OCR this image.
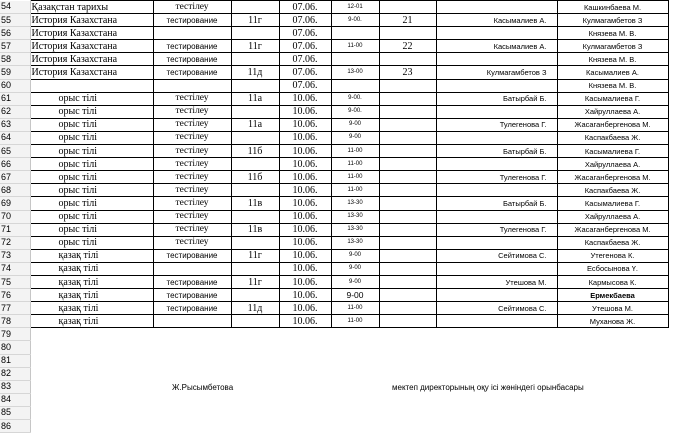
54	Қазақстан тарихы	тестілеу		07.06.	12-01			Кашкинбаева М.
55	История Казахстана	тестирование	11г	07.06.	9-00.	21	Касымалиев А.	Кулмагамбетов З
56	История Казахстана			07.06.				Князева М. В.
57	История Казахстана	тестирование	11г	07.06.	11-00	22	Касымалиев А.	Кулмагамбетов З
58	История Казахстана	тестирование		07.06.				Князева М. В.
59	История Казахстана	тестирование	11д	07.06.	13-00	23	Кулмагамбетов З	Касымалиев А.
60				07.06.				Князева М. В.
61	орыс тілі	тестілеу	11а	10.06.	9-00.		Батырбай Б.	Касымалиева Г.
62	орыс тілі	тестілеу		10.06.	9-00.			Хайруллаева А.
63	орыс тілі	тестілеу	11а	10.06.	9-00		Тулегенова Г.	Жасаганбергенова М.
64	орыс тілі	тестілеу		10.06.	9-00			Каспакбаева Ж.
65	орыс тілі	тестілеу	11б	10.06.	11-00		Батырбай Б.	Касымалиева Г.
66	орыс тілі	тестілеу		10.06.	11-00			Хайруллаева А.
67	орыс тілі	тестілеу	11б	10.06.	11-00		Тулегенова Г.	Жасаганбергенова М.
68	орыс тілі	тестілеу		10.06.	11-00			Каспакбаева Ж.
69	орыс тілі	тестілеу	11в	10.06.	13-30		Батырбай Б.	Касымалиева Г.
70	орыс тілі	тестілеу		10.06.	13-30			Хайруллаева А.
71	орыс тілі	тестілеу	11в	10.06.	13-30		Тулегенова Г.	Жасаганбергенова М.
72	орыс тілі	тестілеу		10.06.	13-30			Каспакбаева Ж.
73	қазақ тілі	тестирование	11г	10.06.	9-00		Сейтимова С.	Утегенова К.
74	қазақ тілі			10.06.	9-00			Есбосынова Ү.
75	қазақ тілі	тестирование	11г	10.06.	9-00		Утешова М.	Кармысова К.
76	қазақ тілі	тестирование		10.06.	9-00			Ермекбаева
77	қазақ тілі	тестирование	11д	10.06.	11-00		Сейтимова С.	Утешова М.
78	қазақ тілі			10.06.	11-00			Муханова Ж.
79								
80								
81								
82								
83								
84								
85								
86								
Ж.Рысымбетова	мектеп директорының оқу ісі жөніндегі орынбасары
